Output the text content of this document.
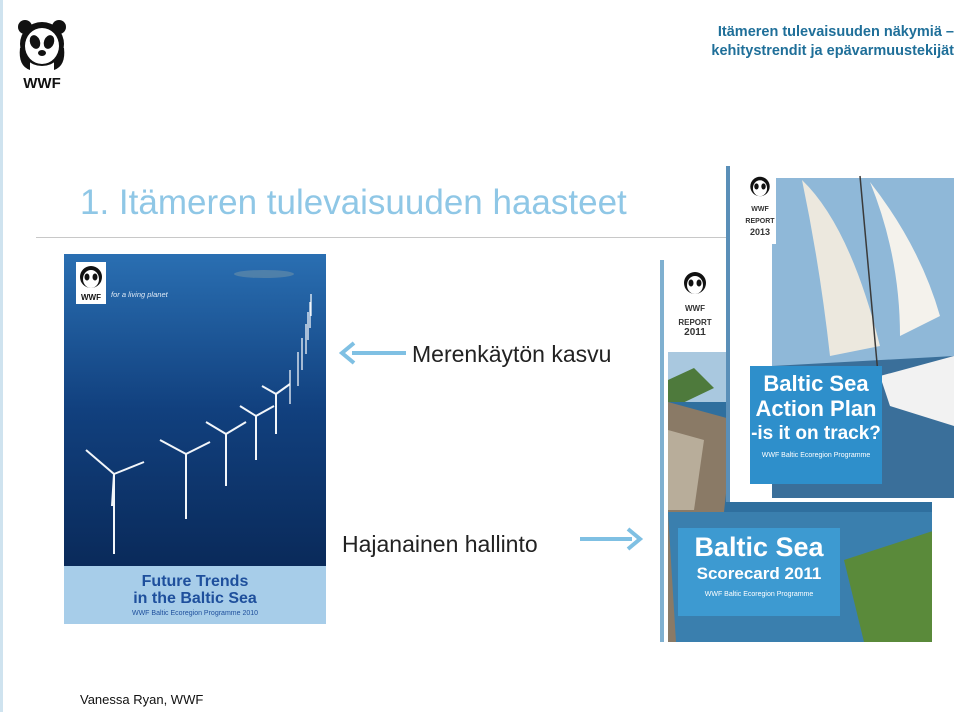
WWF
Itämeren tulevaisuuden näkymiä –
kehitystrendit ja epävarmuustekijät
1. Itämeren tulevaisuuden haasteet
WWF for a living planet
Future Trends
in the Baltic Sea
WWF Baltic Ecoregion Programme 2010
Merenkäytön kasvu
Hajanainen hallinto
WWF
REPORT
2011
Baltic Sea
Scorecard 2011
WWF Baltic Ecoregion Programme
WWF
REPORT
2013
Baltic Sea
Action Plan
-is it on track?
WWF Baltic Ecoregion Programme
Vanessa Ryan, WWF
